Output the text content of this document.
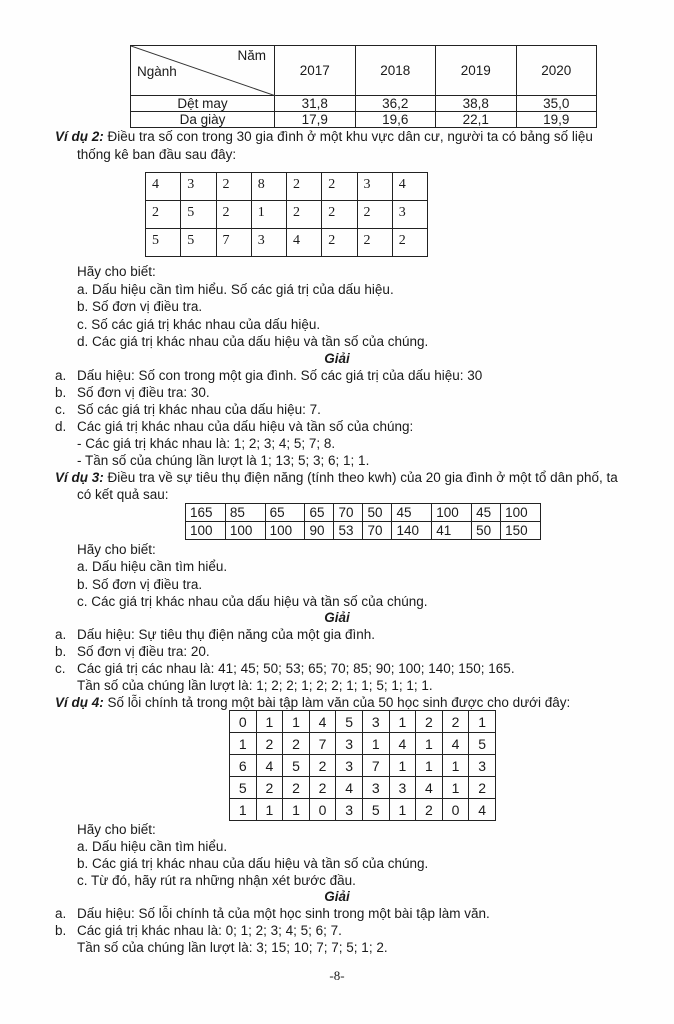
Năm
Ngành	2017	2018	2019	2020
Dệt may	31,8	36,2	38,8	35,0
Da giày	17,9	19,6	22,1	19,9
Ví dụ 2: Điều tra số con trong 30 gia đình ở một khu vực dân cư, người ta có bảng số liệu
thống kê ban đầu sau đây:
4	3	2	8	2	2	3	4
2	5	2	1	2	2	2	3
5	5	7	3	4	2	2	2
Hãy cho biết:
a. Dấu hiệu cần tìm hiểu. Số các giá trị của dấu hiệu.
b. Số đơn vị điều tra.
c. Số các giá trị khác nhau của dấu hiệu.
d. Các giá trị khác nhau của dấu hiệu và tần số của chúng.
Giải
a. Dấu hiệu: Số con trong một gia đình. Số các giá trị của dấu hiệu: 30
b. Số đơn vị điều tra: 30.
c. Số các giá trị khác nhau của dấu hiệu: 7.
d. Các giá trị khác nhau của dấu hiệu và tần số của chúng:
- Các giá trị khác nhau là: 1; 2; 3; 4; 5; 7; 8.
- Tần số của chúng lần lượt là 1; 13; 5; 3; 6; 1; 1.
Ví dụ 3: Điều tra về sự tiêu thụ điện năng (tính theo kwh) của 20 gia đình ở một tổ dân phố, ta
có kết quả sau:
165	85	65	65	70	50	45	100	45	100
100	100	100	90	53	70	140	41	50	150
Hãy cho biết:
a. Dấu hiệu cần tìm hiểu.
b. Số đơn vị điều tra.
c. Các giá trị khác nhau của dấu hiệu và tần số của chúng.
Giải
a. Dấu hiệu: Sự tiêu thụ điện năng của một gia đình.
b. Số đơn vị điều tra: 20.
c. Các giá trị các nhau là: 41; 45; 50; 53; 65; 70; 85; 90; 100; 140; 150; 165.
Tần số của chúng lần lượt là: 1; 2; 2; 1; 2; 2; 1; 1; 5; 1; 1; 1.
Ví dụ 4: Số lỗi chính tả trong một bài tập làm văn của 50 học sinh được cho dưới đây:
0	1	1	4	5	3	1	2	2	1
1	2	2	7	3	1	4	1	4	5
6	4	5	2	3	7	1	1	1	3
5	2	2	2	4	3	3	4	1	2
1	1	1	0	3	5	1	2	0	4
Hãy cho biết:
a. Dấu hiệu cần tìm hiểu.
b. Các giá trị khác nhau của dấu hiệu và tần số của chúng.
c. Từ đó, hãy rút ra những nhận xét bước đầu.
Giải
a. Dấu hiệu: Số lỗi chính tả của một học sinh trong một bài tập làm văn.
b. Các giá trị khác nhau là: 0; 1; 2; 3; 4; 5; 6; 7.
Tần số của chúng lần lượt là: 3; 15; 10; 7; 7; 5; 1; 2.
-8-
